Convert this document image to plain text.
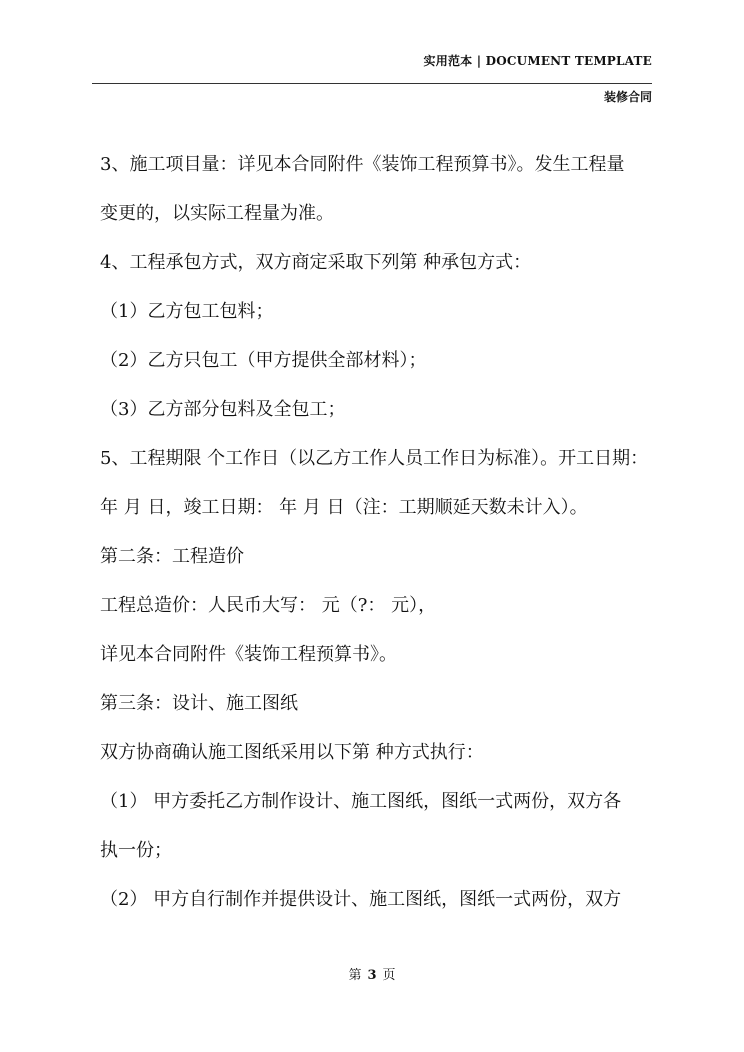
实用范本 | DOCUMENT TEMPLATE
装修合同
3、施工项目量：详见本合同附件《装饰工程预算书》。发生工程量
变更的，以实际工程量为准。
4、工程承包方式，双方商定采取下列第 种承包方式：
（1）乙方包工包料；
（2）乙方只包工（甲方提供全部材料）；
（3）乙方部分包料及全包工；
5、工程期限 个工作日（以乙方工作人员工作日为标准）。开工日期：
年 月 日，竣工日期： 年 月 日（注：工期顺延天数未计入）。
第二条：工程造价
工程总造价：人民币大写： 元（?： 元），
详见本合同附件《装饰工程预算书》。
第三条：设计、施工图纸
双方协商确认施工图纸采用以下第 种方式执行：
（1） 甲方委托乙方制作设计、施工图纸，图纸一式两份，双方各
执一份；
（2） 甲方自行制作并提供设计、施工图纸，图纸一式两份，双方
第 3 页
